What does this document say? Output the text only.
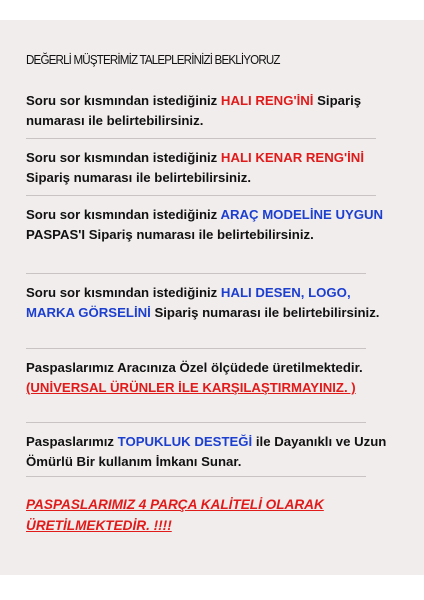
DEĞERLİ MÜŞTERİMİZ TALEPLERİNİZİ BEKLİYORUZ
Soru sor kısmından istediğiniz HALI RENG'İNİ Sipariş numarası ile belirtebilirsiniz.
Soru sor kısmından istediğiniz HALI KENAR RENG'İNİ Sipariş numarası ile belirtebilirsiniz.
Soru sor kısmından istediğiniz ARAÇ MODELİNE UYGUN PASPAS'I Sipariş numarası ile belirtebilirsiniz.
Soru sor kısmından istediğiniz HALI DESEN, LOGO, MARKA GÖRSELİNİ Sipariş numarası ile belirtebilirsiniz.
Paspaslarımız Aracınıza Özel ölçüdede üretilmektedir. (UNİVERSAL ÜRÜNLER İLE KARŞILAŞTIRMAYINIZ. )
Paspaslarımız TOPUKLUK DESTEĞİ ile Dayanıklı ve Uzun Ömürlü Bir kullanım İmkanı Sunar.
PASPASLARIMIZ 4 PARÇA KALİTELİ OLARAK ÜRETİLMEKTEDİR. !!!!
